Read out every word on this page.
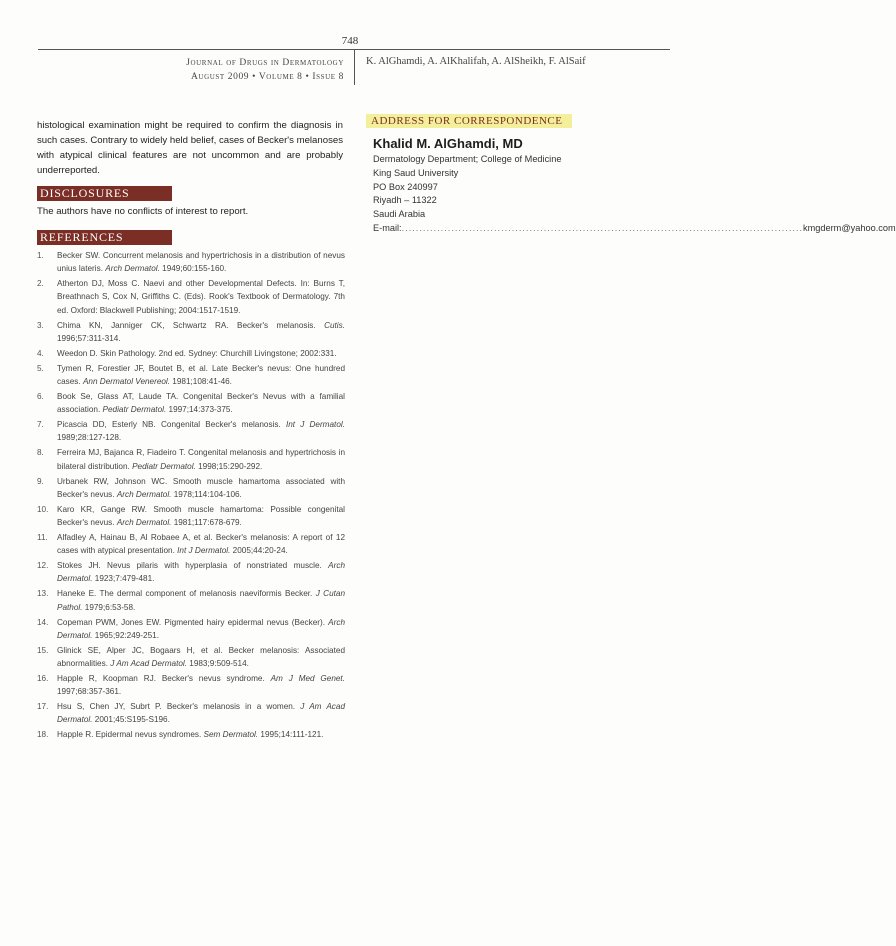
748
Journal of Drugs in Dermatology
August 2009 • Volume 8 • Issue 8
K. AlGhamdi, A. AlKhalifah, A. AlSheikh, F. AlSaif
histological examination might be required to confirm the diagnosis in such cases. Contrary to widely held belief, cases of Becker's melanoses with atypical clinical features are not uncommon and are probably underreported.
DISCLOSURES
The authors have no conflicts of interest to report.
REFERENCES
1. Becker SW. Concurrent melanosis and hypertrichosis in a distribution of nevus unius lateris. Arch Dermatol. 1949;60:155-160.
2. Atherton DJ, Moss C. Naevi and other Developmental Defects. In: Burns T, Breathnach S, Cox N, Griffiths C. (Eds). Rook's Textbook of Dermatology. 7th ed. Oxford: Blackwell Publishing; 2004:1517-1519.
3. Chima KN, Janniger CK, Schwartz RA. Becker's melanosis. Cutis. 1996;57:311-314.
4. Weedon D. Skin Pathology. 2nd ed. Sydney: Churchill Livingstone; 2002:331.
5. Tymen R, Forestier JF, Boutet B, et al. Late Becker's nevus: One hundred cases. Ann Dermatol Venereol. 1981;108:41-46.
6. Book Se, Glass AT, Laude TA. Congenital Becker's Nevus with a familial association. Pediatr Dermatol. 1997;14:373-375.
7. Picascia DD, Esterly NB. Congenital Becker's melanosis. Int J Dermatol. 1989;28:127-128.
8. Ferreira MJ, Bajanca R, Fiadeiro T. Congenital melanosis and hypertrichosis in bilateral distribution. Pediatr Dermatol. 1998;15:290-292.
9. Urbanek RW, Johnson WC. Smooth muscle hamartoma associated with Becker's nevus. Arch Dermatol. 1978;114:104-106.
10. Karo KR, Gange RW. Smooth muscle hamartoma: Possible congenital Becker's nevus. Arch Dermatol. 1981;117:678-679.
11. Alfadley A, Hainau B, Al Robaee A, et al. Becker's melanosis: A report of 12 cases with atypical presentation. Int J Dermatol. 2005;44:20-24.
12. Stokes JH. Nevus pilaris with hyperplasia of nonstriated muscle. Arch Dermatol. 1923;7:479-481.
13. Haneke E. The dermal component of melanosis naeviformis Becker. J Cutan Pathol. 1979;6:53-58.
14. Copeman PWM, Jones EW. Pigmented hairy epidermal nevus (Becker). Arch Dermatol. 1965;92:249-251.
15. Glinick SE, Alper JC, Bogaars H, et al. Becker melanosis: Associated abnormalities. J Am Acad Dermatol. 1983;9:509-514.
16. Happle R, Koopman RJ. Becker's nevus syndrome. Am J Med Genet. 1997;68:357-361.
17. Hsu S, Chen JY, Subrt P. Becker's melanosis in a women. J Am Acad Dermatol. 2001;45:S195-S196.
18. Happle R. Epidermal nevus syndromes. Sem Dermatol. 1995;14:111-121.
ADDRESS FOR CORRESPONDENCE
Khalid M. AlGhamdi, MD
Dermatology Department; College of Medicine
King Saud University
PO Box 240997
Riyadh – 11322
Saudi Arabia
E-mail: ................................................................................................................. kmgderm@yahoo.com
